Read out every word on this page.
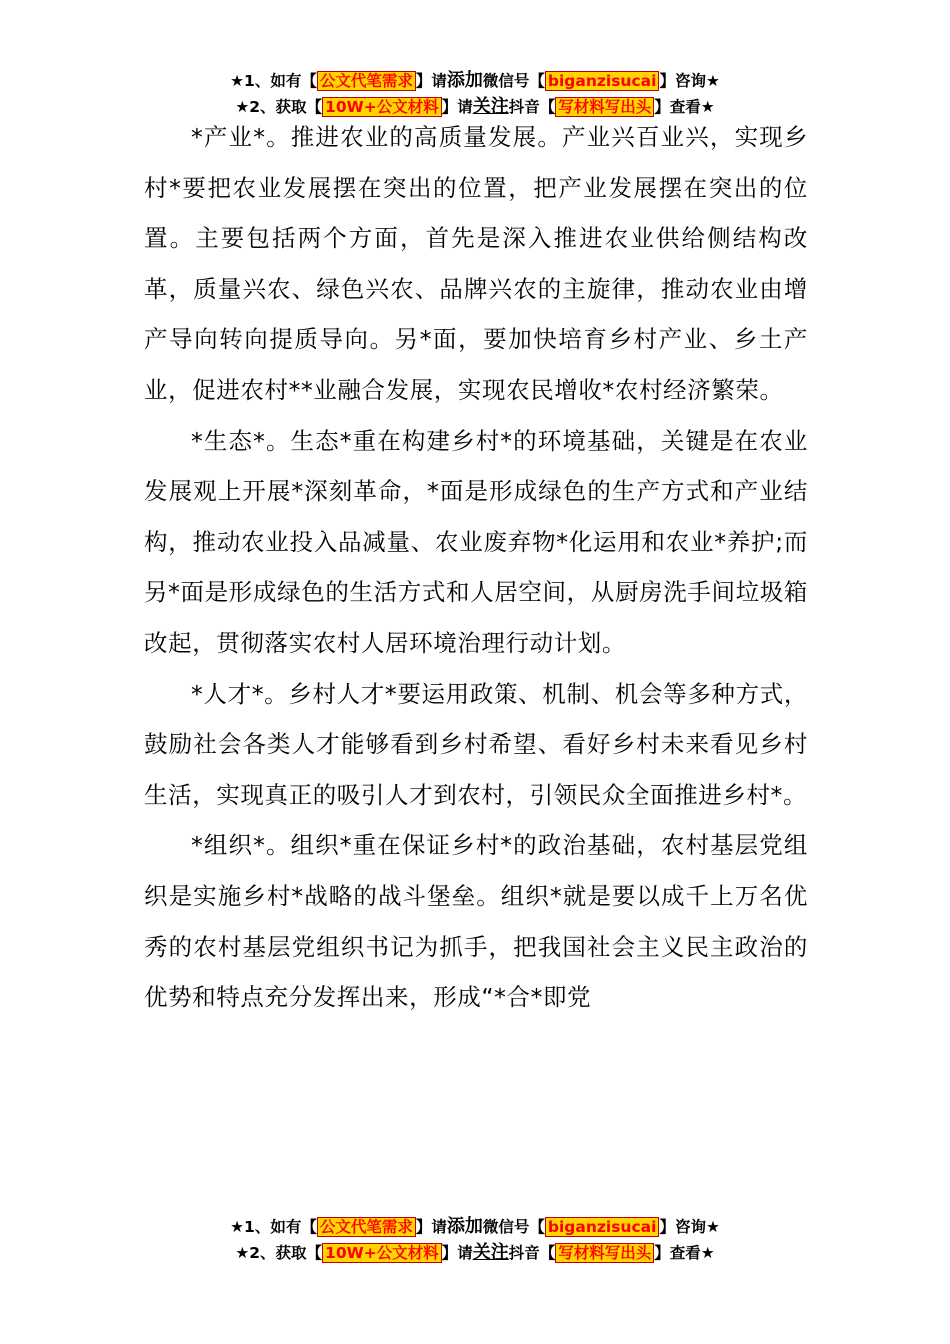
★1、如有【 公文代笔需求 】请添加微信号【 biganzisucai 】咨询★
★2、获取【 10W+公文材料 】请关注抖音【 写材料写出头 】查看★

*产业*。推进农业的高质量发展。产业兴百业兴，实现乡村*要把农业发展摆在突出的位置，把产业发展摆在突出的位置。主要包括两个方面，首先是深入推进农业供给侧结构改革，质量兴农、绿色兴农、品牌兴农的主旋律，推动农业由增产导向转向提质导向。另*面，要加快培育乡村产业、乡土产业，促进农村**业融合发展，实现农民增收*农村经济繁荣。

*生态*。生态*重在构建乡村*的环境基础，关键是在农业发展观上开展*深刻革命，*面是形成绿色的生产方式和产业结构，推动农业投入品减量、农业废弃物*化运用和农业*养护;而另*面是形成绿色的生活方式和人居空间，从厨房洗手间垃圾箱改起，贯彻落实农村人居环境治理行动计划。

*人才*。乡村人才*要运用政策、机制、机会等多种方式，鼓励社会各类人才能够看到乡村希望、看好乡村未来看见乡村生活，实现真正的吸引人才到农村，引领民众全面推进乡村*。

*组织*。组织*重在保证乡村*的政治基础，农村基层党组织是实施乡村*战略的战斗堡垒。组织*就是要以成千上万名优秀的农村基层党组织书记为抓手，把我国社会主义民主政治的优势和特点充分发挥出来，形成“*合*即党

★1、如有【 公文代笔需求 】请添加微信号【 biganzisucai 】咨询★
★2、获取【 10W+公文材料 】请关注抖音【 写材料写出头 】查看★
